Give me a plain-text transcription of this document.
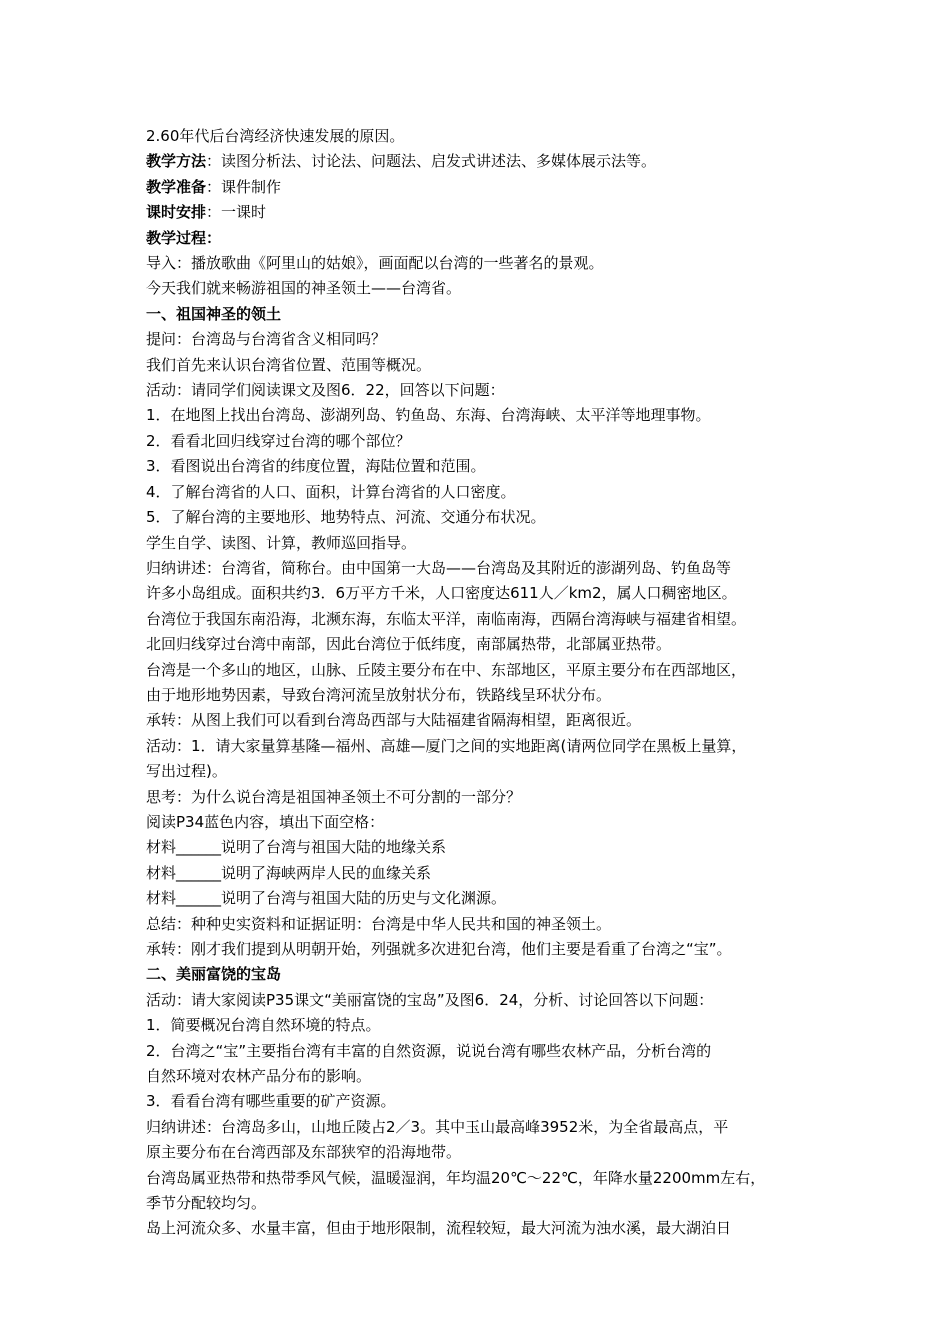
2.60年代后台湾经济快速发展的原因。

教学方法：读图分析法、讨论法、问题法、启发式讲述法、多媒体展示法等。

教学准备：课件制作

课时安排：一课时

教学过程：

导入：播放歌曲《阿里山的姑娘》，画面配以台湾的一些著名的景观。

今天我们就来畅游祖国的神圣领土——台湾省。

一、祖国神圣的领土

提问：台湾岛与台湾省含义相同吗？

我们首先来认识台湾省位置、范围等概况。

活动：请同学们阅读课文及图6．22，回答以下问题：

1．在地图上找出台湾岛、澎湖列岛、钓鱼岛、东海、台湾海峡、太平洋等地理事物。

2．看看北回归线穿过台湾的哪个部位？

3．看图说出台湾省的纬度位置，海陆位置和范围。

4．了解台湾省的人口、面积，计算台湾省的人口密度。

5．了解台湾的主要地形、地势特点、河流、交通分布状况。

学生自学、读图、计算，教师巡回指导。

归纳讲述：台湾省，简称台。由中国第一大岛——台湾岛及其附近的澎湖列岛、钓鱼岛等

许多小岛组成。面积共约3．6万平方千米，人口密度达611人／km2，属人口稠密地区。

台湾位于我国东南沿海，北濒东海，东临太平洋，南临南海，西隔台湾海峡与福建省相望。

北回归线穿过台湾中南部，因此台湾位于低纬度，南部属热带，北部属亚热带。

台湾是一个多山的地区，山脉、丘陵主要分布在中、东部地区，平原主要分布在西部地区，

由于地形地势因素，导致台湾河流呈放射状分布，铁路线呈环状分布。

承转：从图上我们可以看到台湾岛西部与大陆福建省隔海相望，距离很近。

活动：1．请大家量算基隆—福州、高雄—厦门之间的实地距离(请两位同学在黑板上量算，

写出过程)。

思考：为什么说台湾是祖国神圣领土不可分割的一部分？

阅读P34蓝色内容，填出下面空格：

材料______说明了台湾与祖国大陆的地缘关系

材料______说明了海峡两岸人民的血缘关系

材料______说明了台湾与祖国大陆的历史与文化渊源。

总结：种种史实资料和证据证明：台湾是中华人民共和国的神圣领土。

承转：刚才我们提到从明朝开始，列强就多次进犯台湾，他们主要是看重了台湾之“宝”。

二、美丽富饶的宝岛

活动：请大家阅读P35课文“美丽富饶的宝岛”及图6．24，分析、讨论回答以下问题：

1．简要概况台湾自然环境的特点。

2．台湾之“宝”主要指台湾有丰富的自然资源，说说台湾有哪些农林产品，分析台湾的

自然环境对农林产品分布的影响。

3．看看台湾有哪些重要的矿产资源。

归纳讲述：台湾岛多山，山地丘陵占2／3。其中玉山最高峰3952米，为全省最高点，平

原主要分布在台湾西部及东部狭窄的沿海地带。

台湾岛属亚热带和热带季风气候，温暖湿润，年均温20℃～22℃，年降水量2200mm左右，

季节分配较均匀。

岛上河流众多、水量丰富，但由于地形限制，流程较短，最大河流为浊水溪，最大湖泊日
